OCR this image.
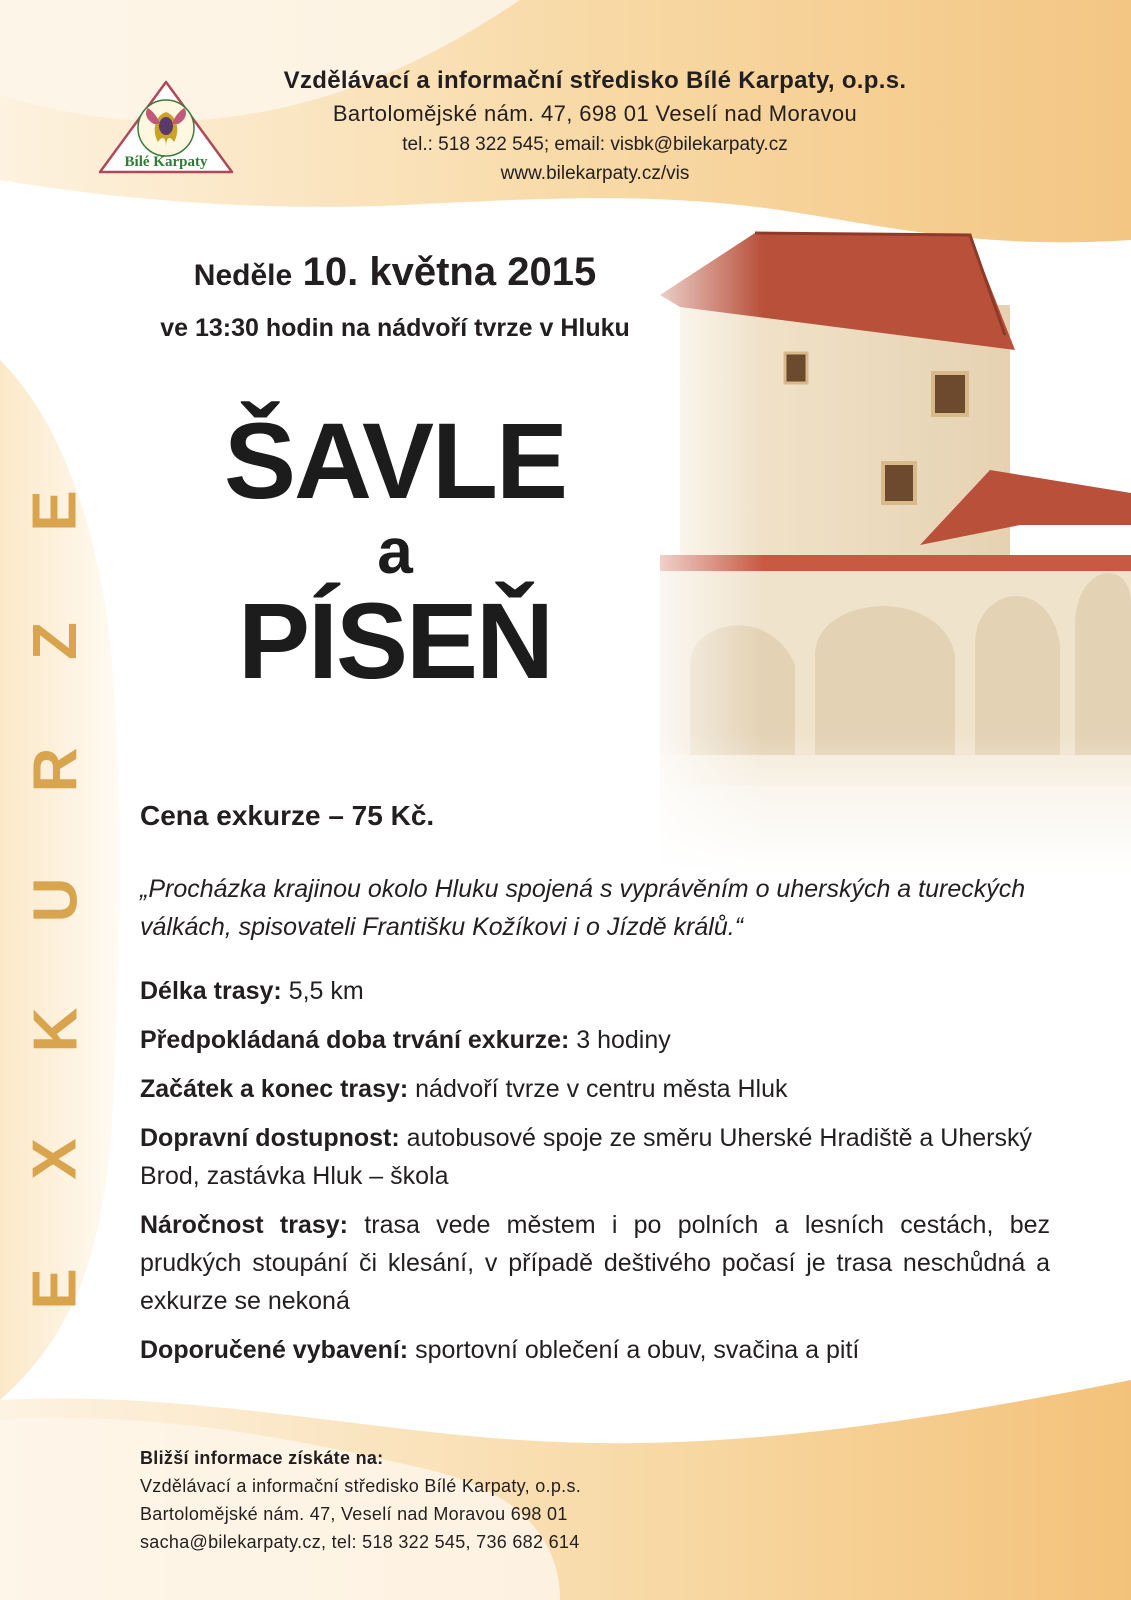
Bílé Karpaty
Vzdělávací a informační středisko Bílé Karpaty, o.p.s.
Bartolomějské nám. 47, 698 01 Veselí nad Moravou
tel.: 518 322 545; email: visbk@bilekarpaty.cz
www.bilekarpaty.cz/vis
E
X
K
U
R
Z
E
Neděle 10. května 2015
ve 13:30 hodin na nádvoří tvrze v Hluku
ŠAVLE
a
PÍSEŇ
Cena exkurze – 75 Kč.
„Procházka krajinou okolo Hluku spojená s vyprávěním o uherských a tureckých válkách, spisovateli Františku Kožíkovi i o Jízdě králů.“

Délka trasy: 5,5 km

Předpokládaná doba trvání exkurze: 3 hodiny

Začátek a konec trasy: nádvoří tvrze v centru města Hluk

Dopravní dostupnost: autobusové spoje ze směru Uherské Hradiště a Uherský Brod, zastávka Hluk – škola

Náročnost trasy: trasa vede městem i po polních a lesních cestách, bez prudkých stoupání či klesání, v případě deštivého počasí je trasa neschůdná a exkurze se nekoná

Doporučené vybavení: sportovní oblečení a obuv, svačina a pití

Bližší informace získáte na:
Vzdělávací a informační středisko Bílé Karpaty, o.p.s.
Bartolomějské nám. 47, Veselí nad Moravou 698 01
sacha@bilekarpaty.cz, tel: 518 322 545, 736 682 614
